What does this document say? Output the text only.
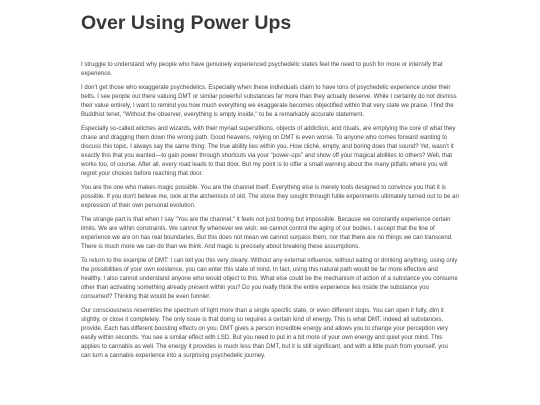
Over Using Power Ups

I struggle to understand why people who have genuinely experienced psychedelic states feel the need to push for more or intensify that experience.

I don’t get those who exaggerate psychedelics. Especially when these individuals claim to have tons of psychedelic experience under their belts. I see people out there valuing DMT or similar powerful substances far more than they actually deserve. While I certainly do not dismiss their value entirely, I want to remind you how much everything we exaggerate becomes objectified within that very state we praise. I find the Buddhist tenet, "Without the observer, everything is empty inside," to be a remarkably accurate statement.

Especially so-called witches and wizards, with their myriad superstitions, objects of addiction, and rituals, are emptying the core of what they chase and dragging them down the wrong path. Good heavens, relying on DMT is even worse. To anyone who comes forward wanting to discuss this topic, I always say the same thing: The true ability lies within you. How cliché, empty, and boring does that sound? Yet, wasn't it exactly this that you wanted—to gain power through shortcuts via your "power-ups" and show off your magical abilities to others? Well, that works too, of course. After all, every road leads to that door. But my point is to offer a small warning about the many pitfalls where you will regret your choices before reaching that door.

You are the one who makes magic possible. You are the channel itself. Everything else is merely tools designed to convince you that it is possible. If you don't believe me, look at the alchemists of old. The stone they sought through futile experiments ultimately turned out to be an expression of their own personal evolution.

The strange part is that when I say "You are the channel," it feels not just boring but impossible. Because we constantly experience certain limits. We are within constraints. We cannot fly whenever we wish; we cannot control the aging of our bodies. I accept that the line of experience we are on has real boundaries. But this does not mean we cannot surpass them, nor that there are no things we can transcend. There is much more we can do than we think. And magic is precisely about breaking these assumptions.

To return to the example of DMT: I can tell you this very clearly. Without any external influence, without eating or drinking anything, using only the possibilities of your own existence, you can enter this state of mind. In fact, using this natural path would be far more effective and healthy. I also cannot understand anyone who would object to this. What else could be the mechanism of action of a substance you consume other than activating something already present within you? Do you really think the entire experience lies inside the substance you consumed? Thinking that would be even funnier.

Our consciousness resembles the spectrum of light more than a single specific state, or even different stops. You can open it fully, dim it slightly, or close it completely. The only issue is that doing so requires a certain kind of energy. This is what DMT, indeed all substances, provide. Each has different boosting effects on you. DMT gives a person incredible energy and allows you to change your perception very easily within seconds. You see a similar effect with LSD. But you need to put in a bit more of your own energy and quiet your mind. This applies to cannabis as well. The energy it provides is much less than DMT, but it is still significant, and with a little push from yourself, you can turn a cannabis experience into a surprising psychedelic journey.
